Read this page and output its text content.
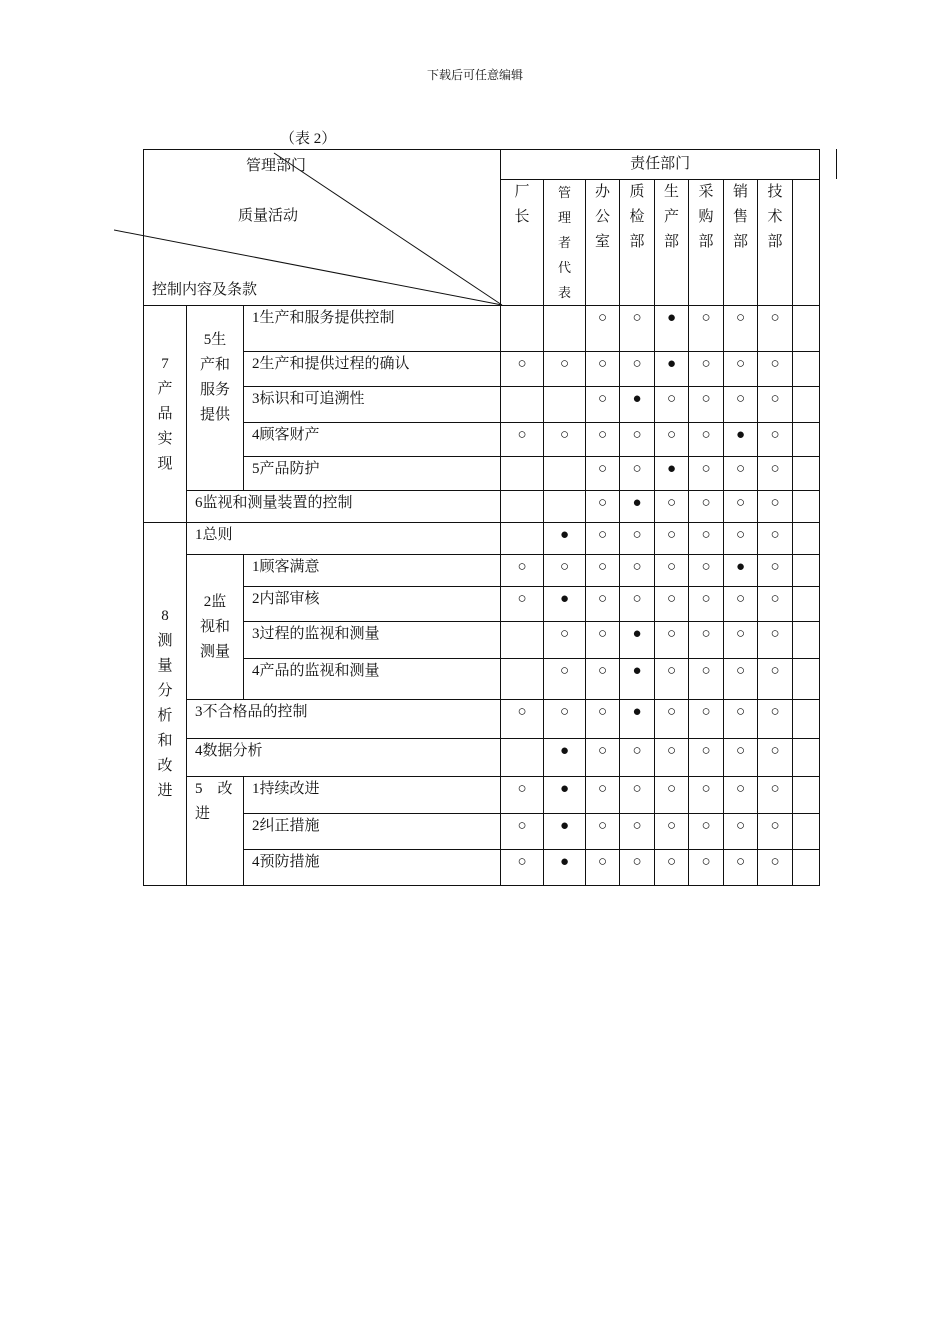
下载后可任意编辑
（表 2）
管理部门
质量活动
控制内容及条款			责任部门								

			厂长	管理者代表	办公室	质检部	生产部	采购部	销售部	技术部	

7产品实现	5生产和服务提供	1生产和服务提供控制			○	○	●	○	○	○	
		2生产和提供过程的确认	○	○	○	○	●	○	○	○	
		3标识和可追溯性			○	●	○	○	○	○	
		4顾客财产	○	○	○	○	○	○	●	○	
		5产品防护			○	○	●	○	○	○	
	6监视和测量装置的控制				○	●	○	○	○	○	

8测量分析和改进	1总则			●	○	○	○	○	○	○	

	2监视和测量	1顾客满意	○	○	○	○	○	○	●	○	
		2内部审核	○	●	○	○	○	○	○	○	
		3过程的监视和测量		○	○	●	○	○	○	○	
		4产品的监视和测量		○	○	●	○	○	○	○	
	3不合格品的控制		○	○	○	●	○	○	○	○	
	4数据分析			●	○	○	○	○	○	○	

	5　改进	1持续改进	○	●	○	○	○	○	○	○	
		2纠正措施	○	●	○	○	○	○	○	○	
		4预防措施	○	●	○	○	○	○	○	○	
